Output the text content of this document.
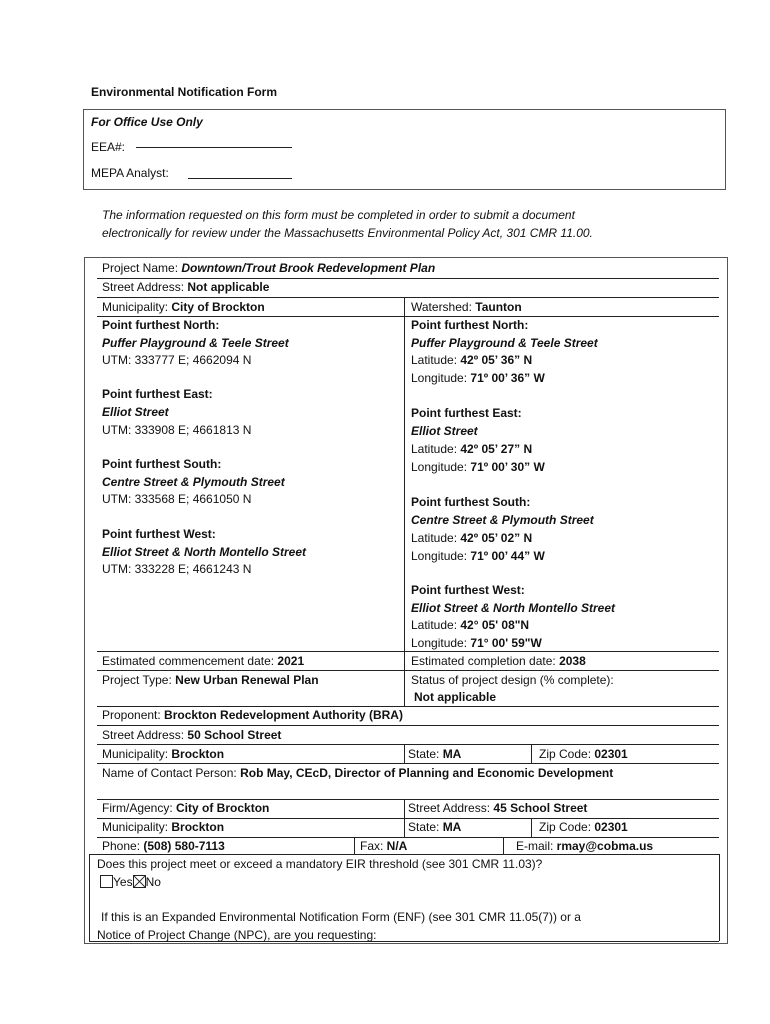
Environmental Notification Form
For Office Use Only
EEA#:
MEPA Analyst:
The information requested on this form must be completed in order to submit a document
electronically for review under the Massachusetts Environmental Policy Act, 301 CMR 11.00.
Project Name: Downtown/Trout Brook Redevelopment Plan
Street Address: Not applicable
Municipality: City of Brockton	Watershed: Taunton
Point furthest North:
Puffer Playground & Teele Street
UTM: 333777 E; 4662094 N
Point furthest East:
Elliot Street
UTM: 333908 E; 4661813 N
Point furthest South:
Centre Street & Plymouth Street
UTM: 333568 E; 4661050 N
Point furthest West:
Elliot Street & North Montello Street
UTM: 333228 E; 4661243 N
Point furthest North:
Puffer Playground & Teele Street
Latitude: 42º 05’ 36” N
Longitude: 71º 00’ 36” W
Point furthest East:
Elliot Street
Latitude: 42º 05’ 27” N
Longitude: 71º 00’ 30” W
Point furthest South:
Centre Street & Plymouth Street
Latitude: 42º 05’ 02” N
Longitude: 71º 00’ 44” W
Point furthest West:
Elliot Street & North Montello Street
Latitude: 42° 05' 08"N
Longitude: 71° 00' 59"W
Estimated commencement date: 2021	Estimated completion date: 2038
Project Type: New Urban Renewal Plan	Status of project design (% complete):
Not applicable
Proponent: Brockton Redevelopment Authority (BRA)
Street Address: 50 School Street
Municipality: Brockton	State: MA	Zip Code: 02301
Name of Contact Person: Rob May, CEcD, Director of Planning and Economic Development
Firm/Agency: City of Brockton	Street Address: 45 School Street
Municipality: Brockton	State: MA	Zip Code: 02301
Phone: (508) 580-7113	Fax: N/A	E-mail: rmay@cobma.us
Does this project meet or exceed a mandatory EIR threshold (see 301 CMR 11.03)?
Yes No
If this is an Expanded Environmental Notification Form (ENF) (see 301 CMR 11.05(7)) or a
Notice of Project Change (NPC), are you requesting:
